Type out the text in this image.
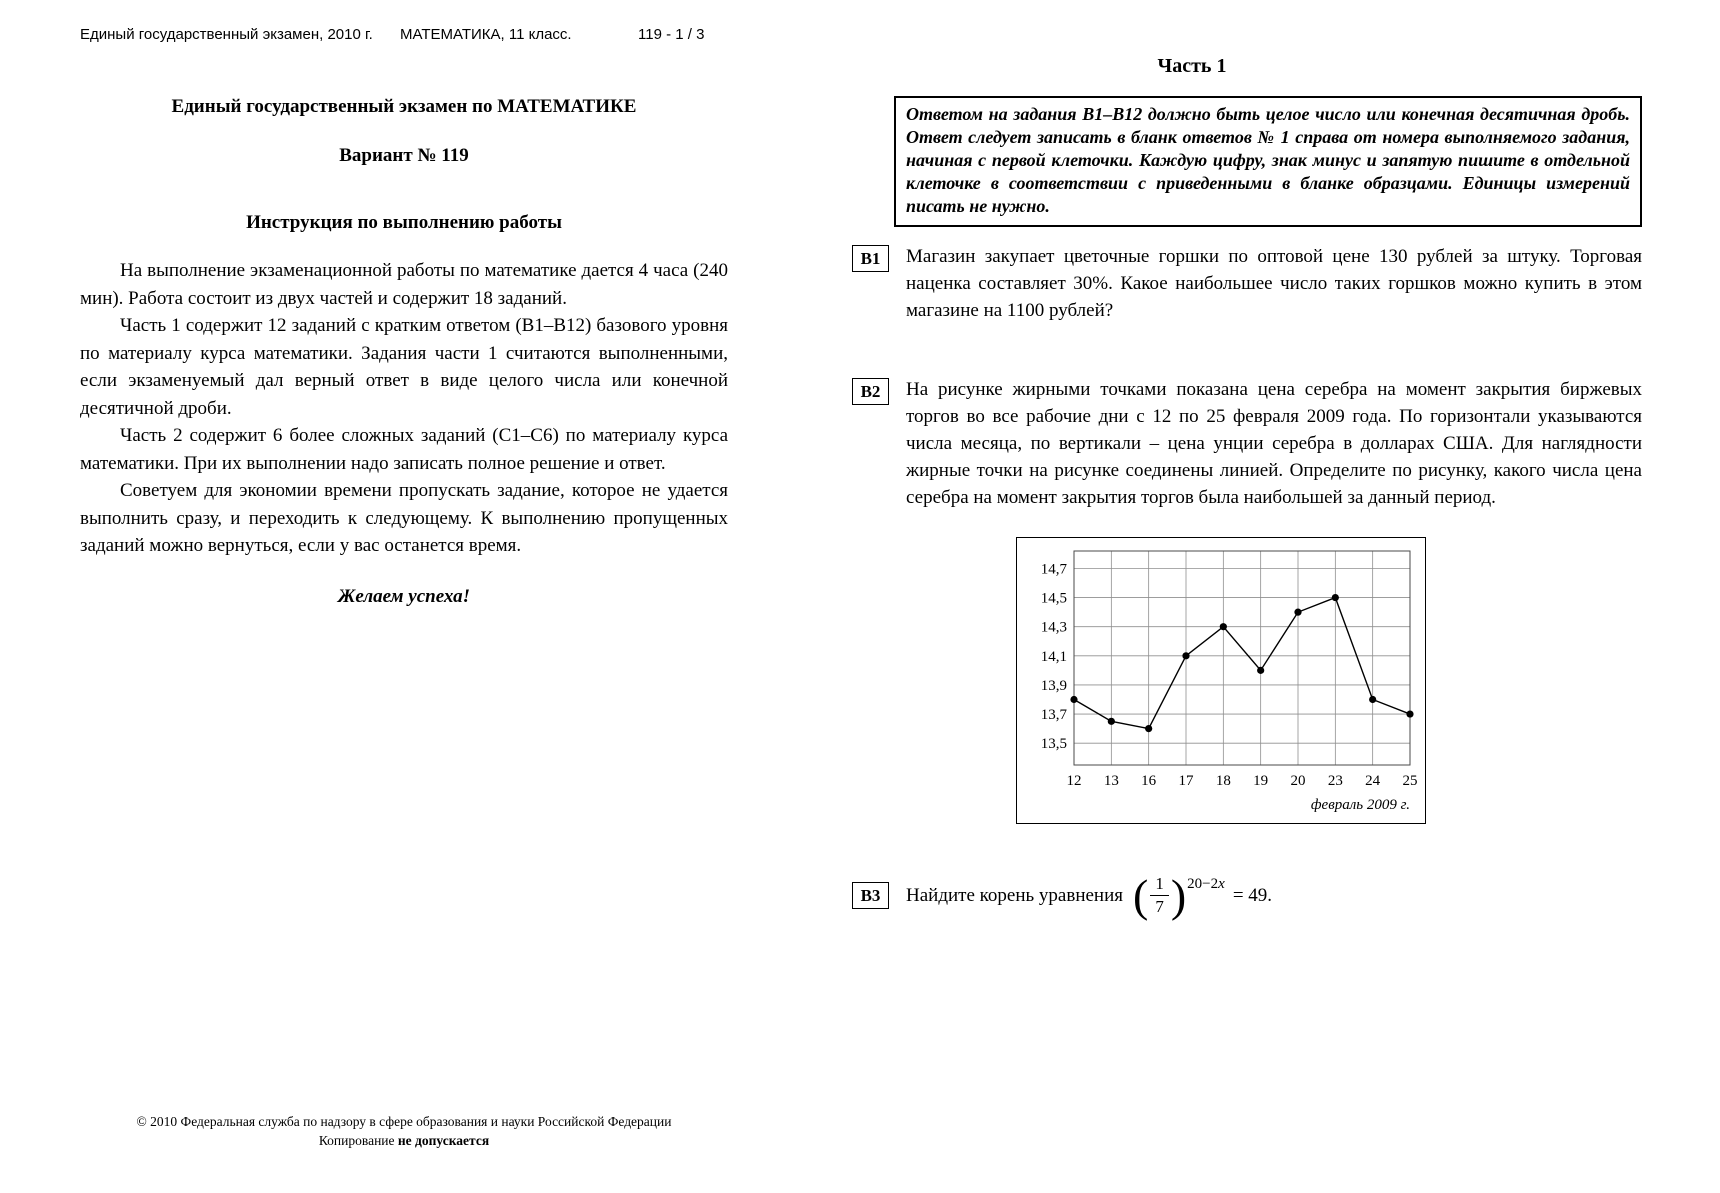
Единый государственный экзамен, 2010 г. МАТЕМАТИКА, 11 класс.	119 - 1 / 3
Единый государственный экзамен по МАТЕМАТИКЕ
Вариант № 119
Инструкция по выполнению работы

На выполнение экзаменационной работы по математике дается 4 часа (240 мин). Работа состоит из двух частей и содержит 18 заданий.

Часть 1 содержит 12 заданий с кратким ответом (В1–В12) базового уровня по материалу курса математики. Задания части 1 считаются выполненными, если экзаменуемый дал верный ответ в виде целого числа или конечной десятичной дроби.

Часть 2 содержит 6 более сложных заданий (С1–С6) по материалу курса математики. При их выполнении надо записать полное решение и ответ.

Советуем для экономии времени пропускать задание, которое не удается выполнить сразу, и переходить к следующему. К выполнению пропущенных заданий можно вернуться, если у вас останется время.

Желаем успеха!
Часть 1
Ответом на задания В1–В12 должно быть целое число или конечная десятичная дробь. Ответ следует записать в бланк ответов № 1 справа от номера выполняемого задания, начиная с первой клеточки. Каждую цифру, знак минус и запятую пишите в отдельной клеточке в соответствии с приведенными в бланке образцами. Единицы измерений писать не нужно.
В1	Магазин закупает цветочные горшки по оптовой цене 130 рублей за штуку. Торговая наценка составляет 30%. Какое наибольшее число таких горшков можно купить в этом магазине на 1100 рублей?
В2	На рисунке жирными точками показана цена серебра на момент закрытия биржевых торгов во все рабочие дни с 12 по 25 февраля 2009 года. По горизонтали указываются числа месяца, по вертикали – цена унции серебра в долларах США. Для наглядности жирные точки на рисунке соединены линией. Определите по рисунку, какого числа цена серебра на момент закрытия торгов была наибольшей за данный период.
13,5
13,7
13,9
14,1
14,3
14,5
14,7
12 13 16 17 18 19 20 23 24 25
февраль 2009 г.
В3	Найдите корень уравнения ( $\frac{1}{7}$ ) 20−2x
= 49.
© 2010 Федеральная служба по надзору в сфере образования и науки Российской Федерации
Копирование не допускается
